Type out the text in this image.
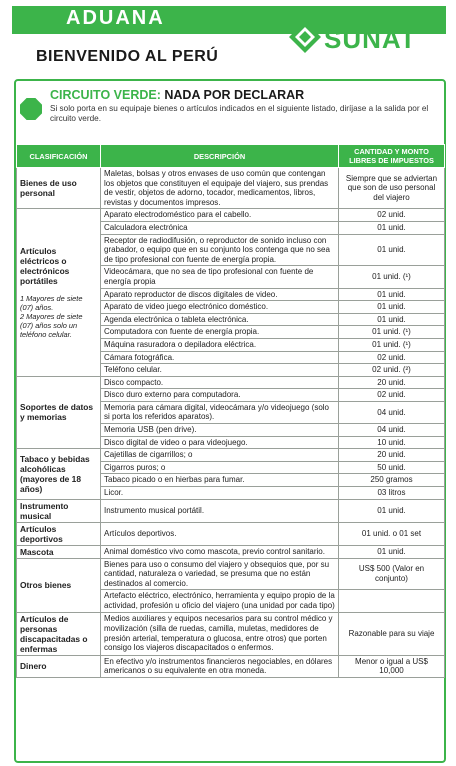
ADUANA
SUNAT
BIENVENIDO AL PERÚ
CIRCUITO VERDE: NADA POR DECLARAR
Si solo porta en su equipaje bienes o artículos indicados en el siguiente listado, diríjase a la salida por el circuito verde.
CLASIFICACIÓN	DESCRIPCIÓN	CANTIDAD Y MONTO LIBRES DE IMPUESTOS
Bienes de uso personal	Maletas, bolsas y otros envases de uso común que contengan los objetos que constituyen el equipaje del viajero, sus prendas de vestir, objetos de adorno, tocador, medicamentos, libros, revistas y documentos impresos.	Siempre que se adviertan que son de uso personal del viajero
Artículos eléctricos o electrónicos portátiles
1 Mayores de siete (07) años.
2 Mayores de siete (07) años solo un teléfono celular.	Aparato electrodoméstico para el cabello.	02 unid.
	Calculadora electrónica	01 unid.
	Receptor de radiodifusión, o reproductor de sonido incluso con grabador, o equipo que en su conjunto los contenga que no sea de tipo profesional con fuente de energía propia.	01 unid.
	Videocámara, que no sea de tipo profesional con fuente de energía propia	01 unid. (¹)
	Aparato reproductor de discos digitales de video.	01 unid.
	Aparato de video juego electrónico doméstico.	01 unid.
	Agenda electrónica o tableta electrónica.	01 unid.
	Computadora con fuente de energía propia.	01 unid. (¹)
	Máquina rasuradora o depiladora eléctrica.	01 unid. (¹)
	Cámara fotográfica.	02 unid.
	Teléfono celular.	02 unid. (²)
Soportes de datos y memorias	Disco compacto.	20 unid.
	Disco duro externo para computadora.	02 unid.
	Memoria para cámara digital, videocámara y/o videojuego (solo si porta los referidos aparatos).	04 unid.
	Memoria USB (pen drive).	04 unid.
	Disco digital de video o para videojuego.	10 unid.
Tabaco y bebidas alcohólicas (mayores de 18 años)	Cajetillas de cigarrillos; o	20 unid.
	Cigarros puros; o	50 unid.
	Tabaco picado o en hierbas para fumar.	250 gramos
	Licor.	03 litros
Instrumento musical	Instrumento musical portátil.	01 unid.
Artículos deportivos	Artículos deportivos.	01 unid. o 01 set
Mascota	Animal doméstico vivo como mascota, previo control sanitario.	01 unid.
Otros bienes	Bienes para uso o consumo del viajero y obsequios que, por su cantidad, naturaleza o variedad, se presuma que no están destinados al comercio.	US$ 500 (Valor en conjunto)
	Artefacto eléctrico, electrónico, herramienta y equipo propio de la actividad, profesión u oficio del viajero (una unidad por cada tipo)	
Artículos de personas discapacitadas o enfermas	Medios auxiliares y equipos necesarios para su control médico y movilización (silla de ruedas, camilla, muletas, medidores de presión arterial, temperatura o glucosa, entre otros) que porten consigo los viajeros discapacitados o enfermos.	Razonable para su viaje
Dinero	En efectivo y/o instrumentos financieros negociables, en dólares americanos o su equivalente en otra moneda.	Menor o igual a US$ 10,000
